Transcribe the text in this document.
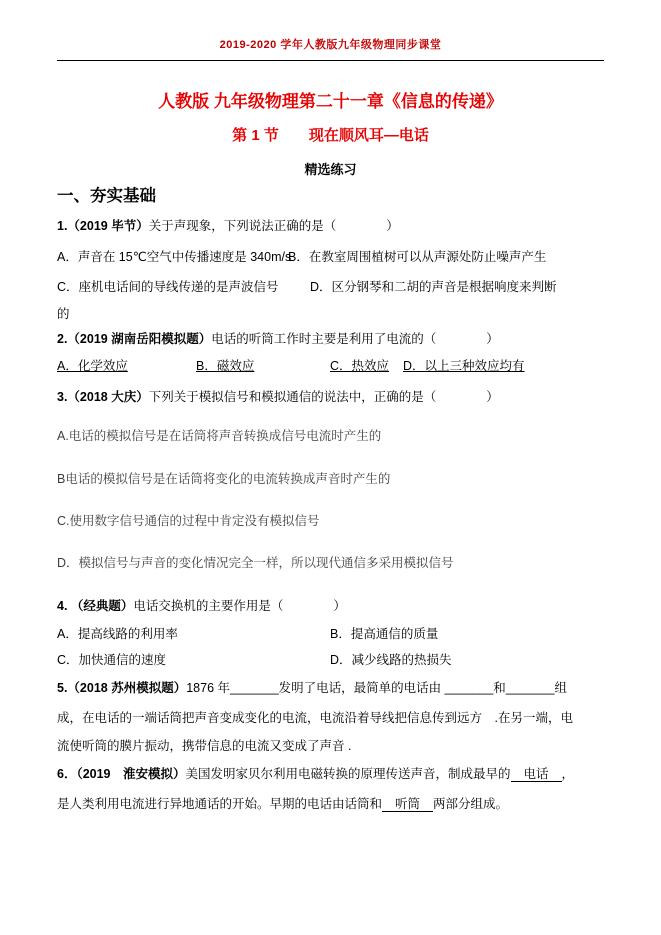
2019-2020 学年人教版九年级物理同步课堂
人教版 九年级物理第二十一章《信息的传递》
第 1 节　　现在顺风耳—电话
精选练习
一、夯实基础
1.（2019 毕节）关于声现象，下列说法正确的是（　　　　）
A．声音在 15℃空气中传播速度是 340m/s
B．在教室周围植树可以从声源处防止噪声产生
C．座机电话间的导线传递的是声波信号	D．区分钢琴和二胡的声音是根据响度来判断
的
2.（2019 湖南岳阳模拟题）电话的听筒工作时主要是利用了电流的（　　　　）
A．化学效应	B．磁效应	C．热效应 D．以上三种效应均有
3.（2018 大庆）下列关于模拟信号和模拟通信的说法中，正确的是（　　　　）
A.电话的模拟信号是在话筒将声音转换成信号电流时产生的
B电话的模拟信号是在话筒将变化的电流转换成声音时产生的
C.使用数字信号通信的过程中肯定没有模拟信号
D．模拟信号与声音的变化情况完全一样，所以现代通信多采用模拟信号
4. （经典题）电话交换机的主要作用是（　　　　）
A．提高线路的利用率	B．提高通信的质量
C．加快通信的速度	D．减少线路的热损失
5.（2018 苏州模拟题）1876 年_______发明了电话，最简单的电话由 _______和_______组
成，在电话的一端话筒把声音变成变化的电流，电流沿着导线把信息传到远方　.在另一端，电
流使听筒的膜片振动，携带信息的电流又变成了声音 .
6．（2019　淮安模拟）美国发明家贝尔利用电磁转换的原理传送声音，制成最早的 电话 ，
是人类利用电流进行异地通话的开始。早期的电话由话筒和 听筒 两部分组成。
